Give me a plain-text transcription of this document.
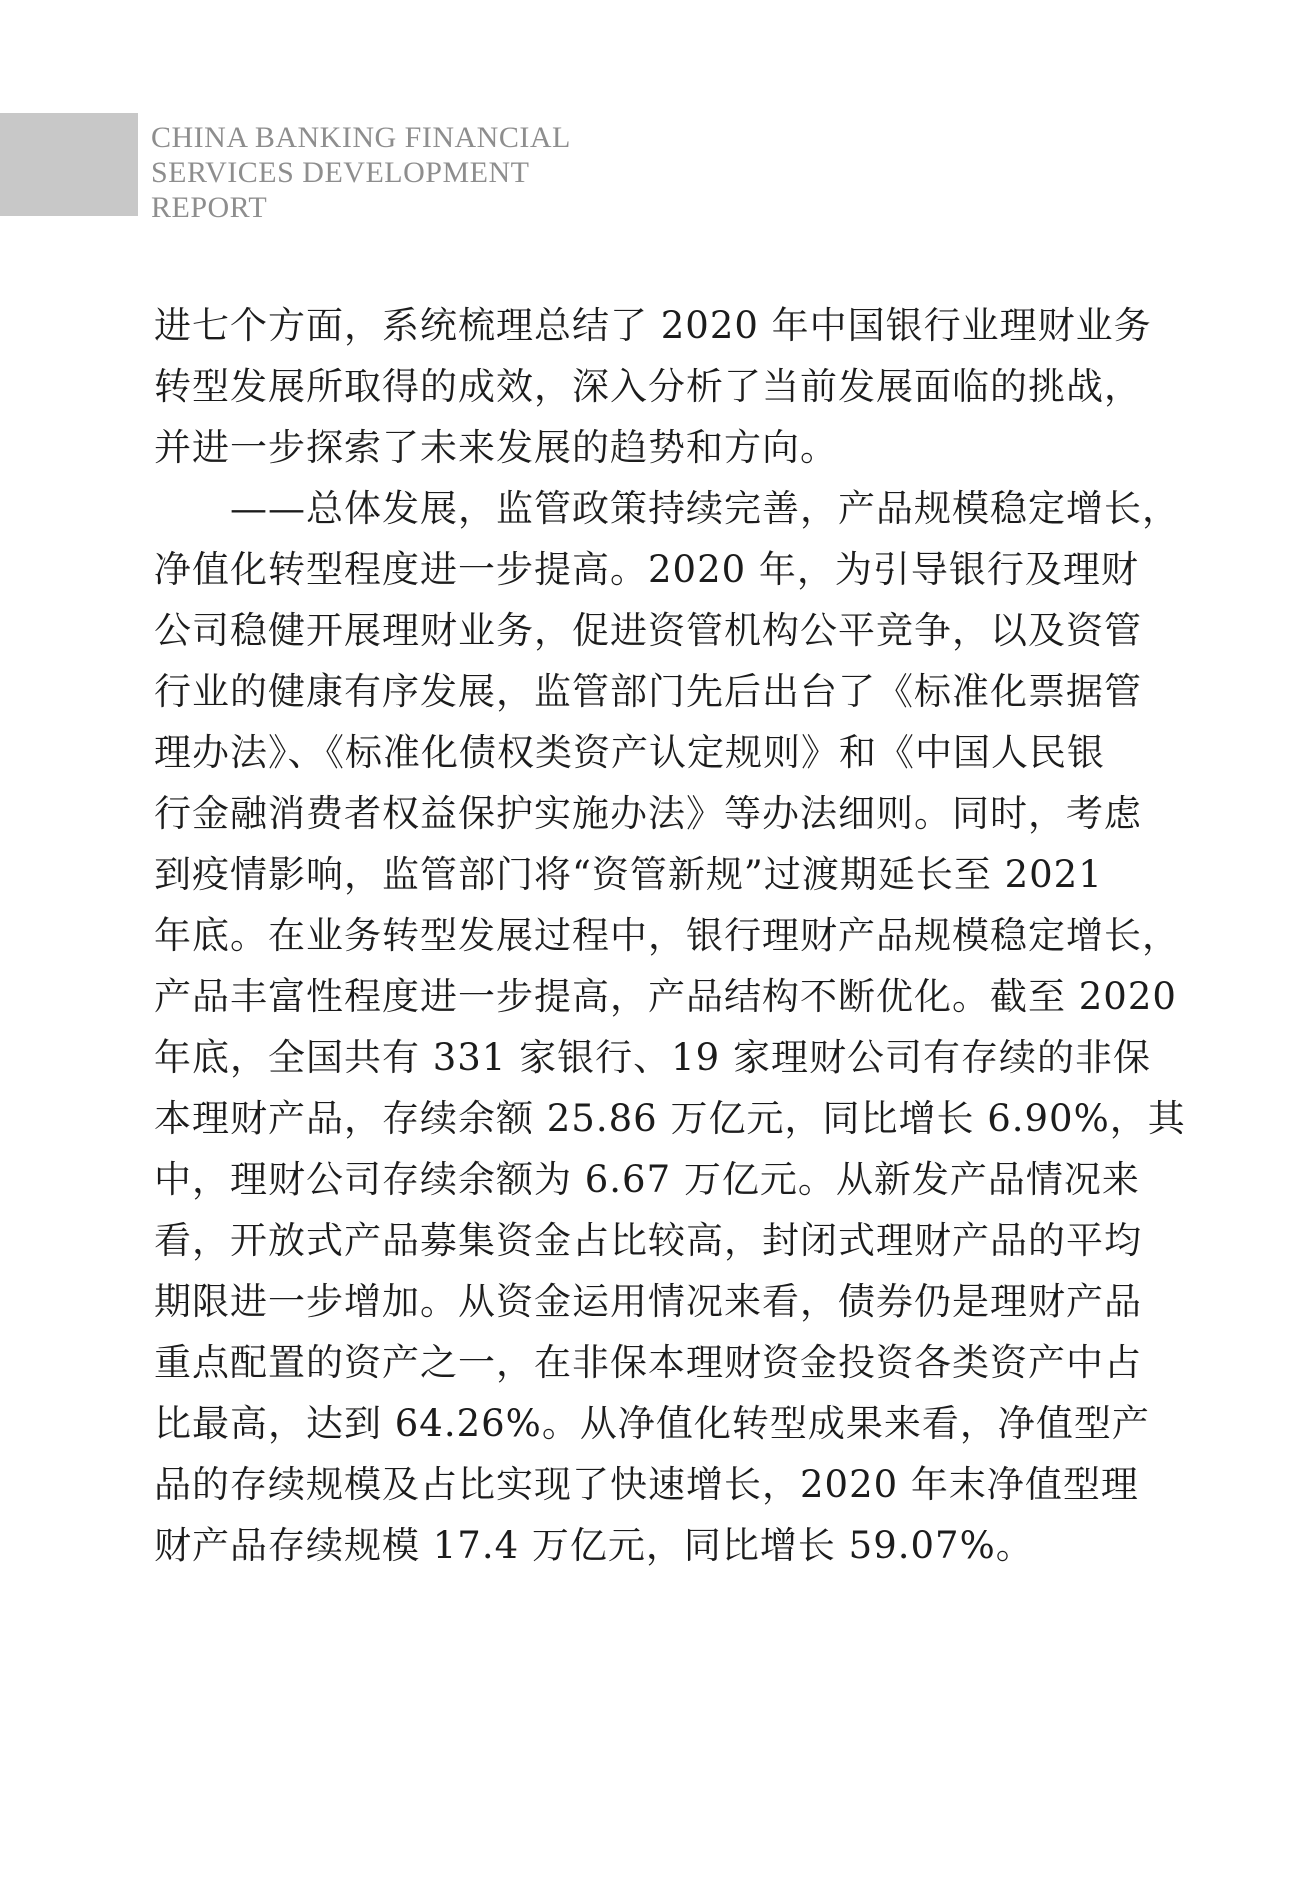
CHINA BANKING FINANCIAL
SERVICES DEVELOPMENT
REPORT
进七个方面，系统梳理总结了 2020 年中国银行业理财业务
转型发展所取得的成效，深入分析了当前发展面临的挑战，
并进一步探索了未来发展的趋势和方向。
——总体发展，监管政策持续完善，产品规模稳定增长，
净值化转型程度进一步提高。2020 年，为引导银行及理财
公司稳健开展理财业务，促进资管机构公平竞争，以及资管
行业的健康有序发展，监管部门先后出台了《标准化票据管
理办法》、《标准化债权类资产认定规则》和《中国人民银
行金融消费者权益保护实施办法》等办法细则。同时，考虑
到疫情影响，监管部门将“资管新规”过渡期延长至 2021
年底。在业务转型发展过程中，银行理财产品规模稳定增长，
产品丰富性程度进一步提高，产品结构不断优化。截至 2020
年底，全国共有 331 家银行、19 家理财公司有存续的非保
本理财产品，存续余额 25.86 万亿元，同比增长 6.90%，其
中，理财公司存续余额为 6.67 万亿元。从新发产品情况来
看，开放式产品募集资金占比较高，封闭式理财产品的平均
期限进一步增加。从资金运用情况来看，债券仍是理财产品
重点配置的资产之一，在非保本理财资金投资各类资产中占
比最高，达到 64.26%。从净值化转型成果来看，净值型产
品的存续规模及占比实现了快速增长，2020 年末净值型理
财产品存续规模 17.4 万亿元，同比增长 59.07%。
